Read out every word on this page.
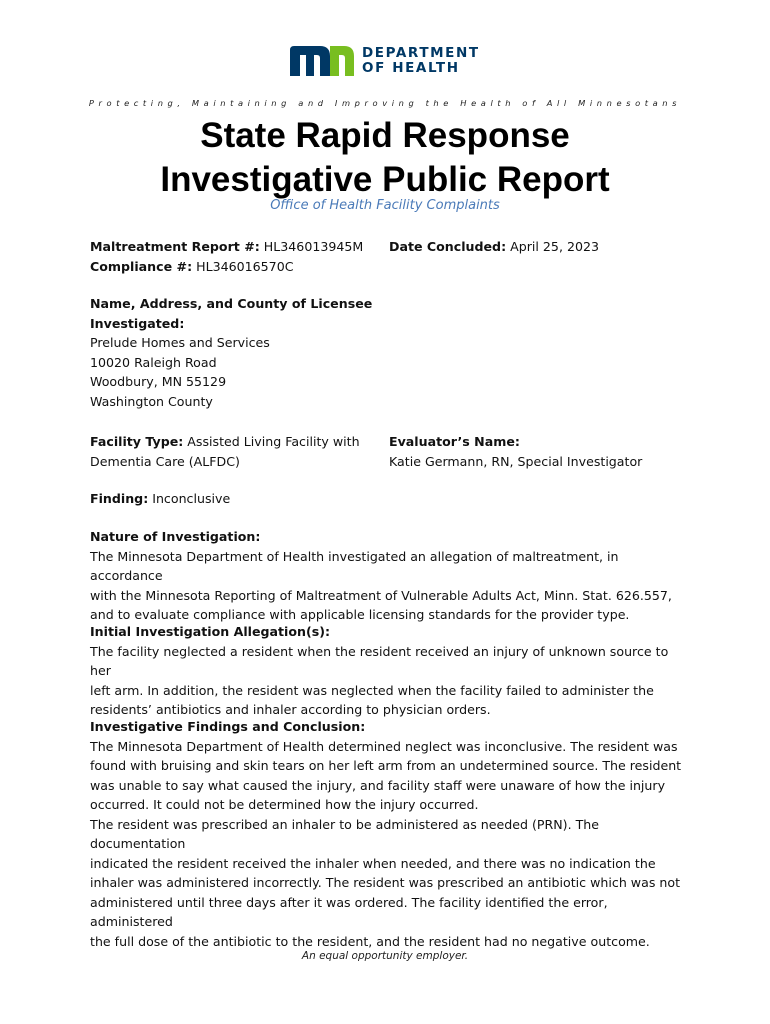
DEPARTMENT
OF HEALTH
Protecting, Maintaining and Improving the Health of All Minnesotans
State Rapid Response
Investigative Public Report
Office of Health Facility Complaints
Maltreatment Report #: HL346013945M
Compliance #: HL346016570C
Date Concluded: April 25, 2023
Name, Address, and County of Licensee
Investigated:
Prelude Homes and Services
10020 Raleigh Road
Woodbury, MN 55129
Washington County
Facility Type: Assisted Living Facility with
Dementia Care (ALFDC)
Evaluator’s Name:
Katie Germann, RN, Special Investigator
Finding: Inconclusive
Nature of Investigation:
The Minnesota Department of Health investigated an allegation of maltreatment, in accordance
with the Minnesota Reporting of Maltreatment of Vulnerable Adults Act, Minn. Stat. 626.557,
and to evaluate compliance with applicable licensing standards for the provider type.
Initial Investigation Allegation(s):
The facility neglected a resident when the resident received an injury of unknown source to her
left arm. In addition, the resident was neglected when the facility failed to administer the
residents’ antibiotics and inhaler according to physician orders.
Investigative Findings and Conclusion:
The Minnesota Department of Health determined neglect was inconclusive. The resident was
found with bruising and skin tears on her left arm from an undetermined source. The resident
was unable to say what caused the injury, and facility staff were unaware of how the injury
occurred. It could not be determined how the injury occurred.
The resident was prescribed an inhaler to be administered as needed (PRN). The documentation
indicated the resident received the inhaler when needed, and there was no indication the
inhaler was administered incorrectly. The resident was prescribed an antibiotic which was not
administered until three days after it was ordered. The facility identified the error, administered
the full dose of the antibiotic to the resident, and the resident had no negative outcome.
An equal opportunity employer.
